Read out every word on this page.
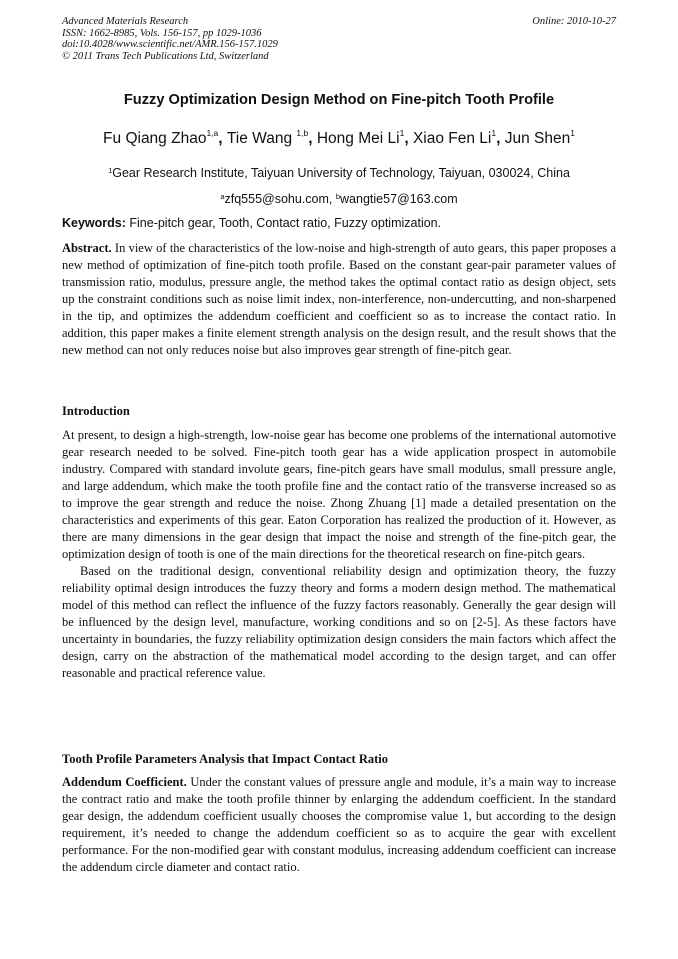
Advanced Materials Research
ISSN: 1662-8985, Vols. 156-157, pp 1029-1036
doi:10.4028/www.scientific.net/AMR.156-157.1029
© 2011 Trans Tech Publications Ltd, Switzerland
Online: 2010-10-27
Fuzzy Optimization Design Method on Fine-pitch Tooth Profile
Fu Qiang Zhao$^{1,a}$, Tie Wang $^{1,b}$, Hong Mei Li$^1$, Xiao Fen Li$^1$, Jun Shen$^1$
$^1$Gear Research Institute, Taiyuan University of Technology, Taiyuan, 030024, China
$^a$zfq555@sohu.com, $^b$wangtie57@163.com
Keywords: Fine-pitch gear, Tooth, Contact ratio, Fuzzy optimization.

Abstract. In view of the characteristics of the low-noise and high-strength of auto gears, this paper proposes a new method of optimization of fine-pitch tooth profile. Based on the constant gear-pair parameter values of transmission ratio, modulus, pressure angle, the method takes the optimal contact ratio as design object, sets up the constraint conditions such as noise limit index, non-interference, non-undercutting, and non-sharpened in the tip, and optimizes the addendum coefficient and coefficient so as to increase the contact ratio. In addition, this paper makes a finite element strength analysis on the design result, and the result shows that the new method can not only reduces noise but also improves gear strength of fine-pitch gear.

Introduction

At present, to design a high-strength, low-noise gear has become one problems of the international automotive gear research needed to be solved. Fine-pitch tooth gear has a wide application prospect in automobile industry. Compared with standard involute gears, fine-pitch gears have small modulus, small pressure angle, and large addendum, which make the tooth profile fine and the contact ratio of the transverse increased so as to improve the gear strength and reduce the noise. Zhong Zhuang [1] made a detailed presentation on the characteristics and experiments of this gear. Eaton Corporation has realized the production of it. However, as there are many dimensions in the gear design that impact the noise and strength of the fine-pitch gear, the optimization design of tooth is one of the main directions for the theoretical research on fine-pitch gears.

Based on the traditional design, conventional reliability design and optimization theory, the fuzzy reliability optimal design introduces the fuzzy theory and forms a modern design method. The mathematical model of this method can reflect the influence of the fuzzy factors reasonably. Generally the gear design will be influenced by the design level, manufacture, working conditions and so on [2-5]. As these factors have uncertainty in boundaries, the fuzzy reliability optimization design considers the main factors which affect the design, carry on the abstraction of the mathematical model according to the design target, and can offer reasonable and practical reference value.

Tooth Profile Parameters Analysis that Impact Contact Ratio

Addendum Coefficient. Under the constant values of pressure angle and module, it’s a main way to increase the contract ratio and make the tooth profile thinner by enlarging the addendum coefficient. In the standard gear design, the addendum coefficient usually chooses the compromise value 1, but according to the design requirement, it’s needed to change the addendum coefficient so as to acquire the gear with excellent performance. For the non-modified gear with constant modulus, increasing addendum coefficient can increase the addendum circle diameter and contact ratio.
